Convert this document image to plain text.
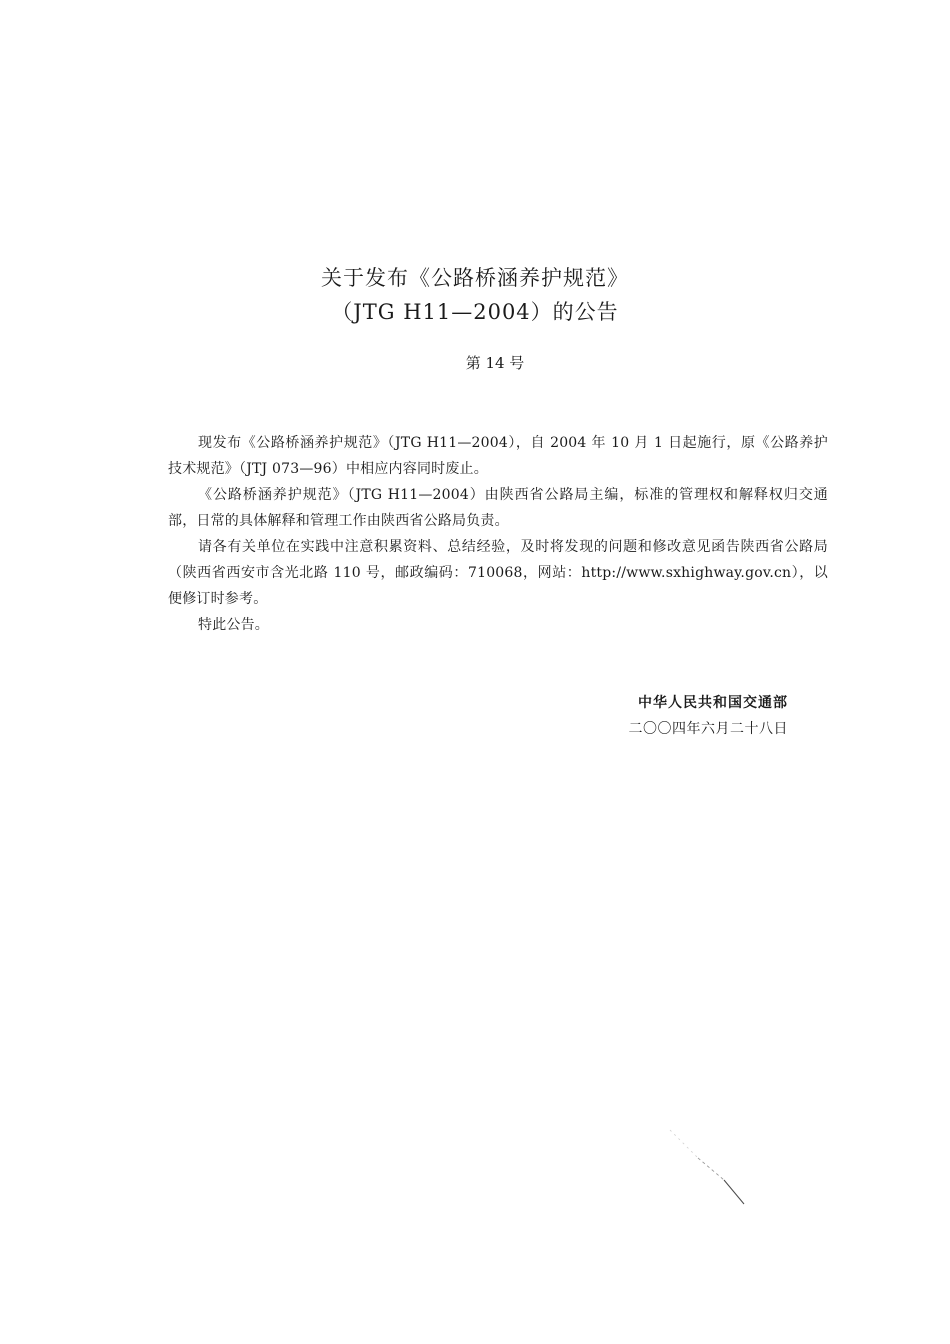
关于发布《公路桥涵养护规范》
（JTG H11—2004）的公告
第 14 号

现发布《公路桥涵养护规范》（JTG H11—2004），自 2004 年 10 月 1 日起施行，原《公路养护技术规范》（JTJ 073—96）中相应内容同时废止。

《公路桥涵养护规范》（JTG H11—2004）由陕西省公路局主编，标准的管理权和解释权归交通部，日常的具体解释和管理工作由陕西省公路局负责。

请各有关单位在实践中注意积累资料、总结经验，及时将发现的问题和修改意见函告陕西省公路局（陕西省西安市含光北路 110 号，邮政编码：710068，网站：http://www.sxhighway.gov.cn），以便修订时参考。

特此公告。

中华人民共和国交通部
二〇〇四年六月二十八日
